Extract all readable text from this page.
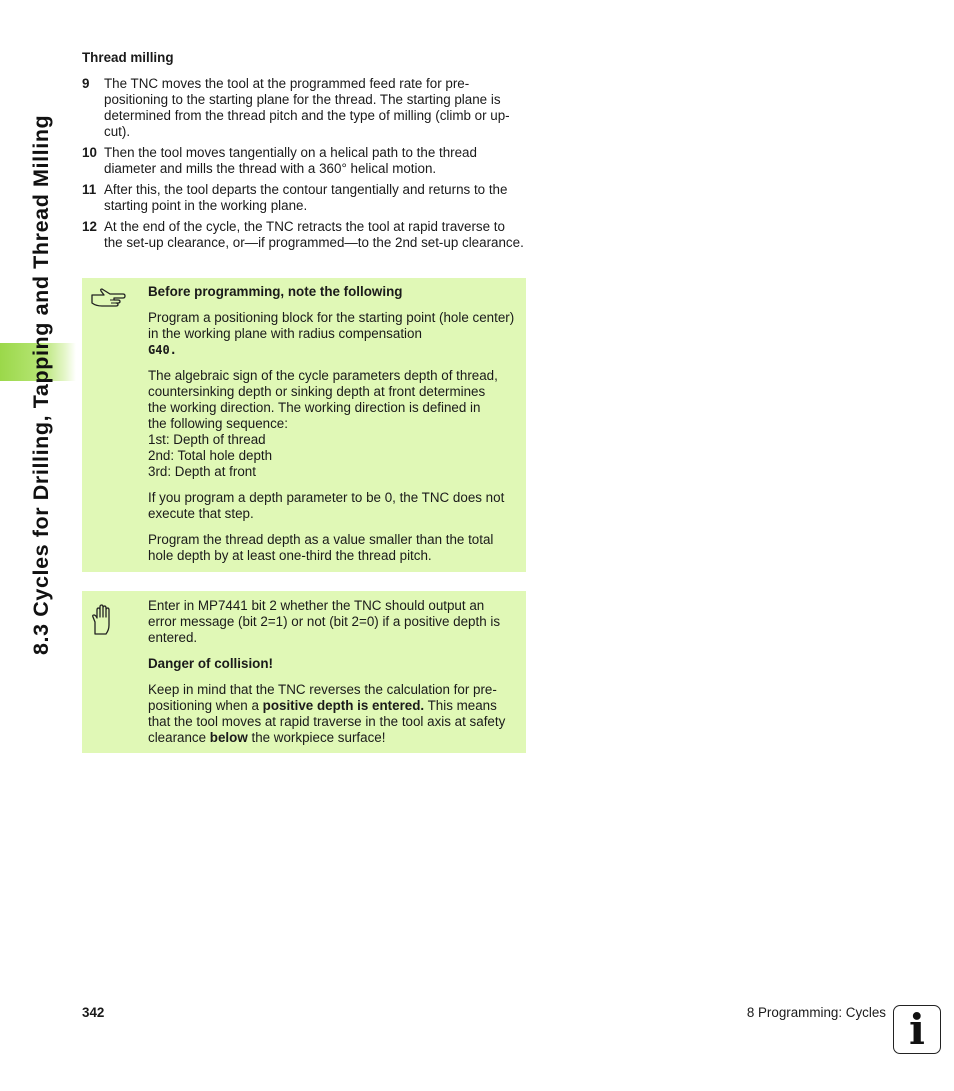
8.3 Cycles for Drilling, Tapping and Thread Milling
Thread milling
9 The TNC moves the tool at the programmed feed rate for pre-positioning to the starting plane for the thread. The starting plane is determined from the thread pitch and the type of milling (climb or up-cut).
10 Then the tool moves tangentially on a helical path to the thread diameter and mills the thread with a 360° helical motion.
11 After this, the tool departs the contour tangentially and returns to the starting point in the working plane.
12 At the end of the cycle, the TNC retracts the tool at rapid traverse to the set-up clearance, or—if programmed—to the 2nd set-up clearance.

Before programming, note the following

Program a positioning block for the starting point (hole center) in the working plane with radius compensation
G40.

The algebraic sign of the cycle parameters depth of thread,
countersinking depth or sinking depth at front determines
the working direction. The working direction is defined in
the following sequence:
1st: Depth of thread
2nd: Total hole depth
3rd: Depth at front

If you program a depth parameter to be 0, the TNC does not execute that step.

Program the thread depth as a value smaller than the total hole depth by at least one-third the thread pitch.

Enter in MP7441 bit 2 whether the TNC should output an error message (bit 2=1) or not (bit 2=0) if a positive depth is entered.

Danger of collision!

Keep in mind that the TNC reverses the calculation for pre-positioning when a positive depth is entered. This means that the tool moves at rapid traverse in the tool axis at safety clearance below the workpiece surface!

342	8 Programming: Cycles i
